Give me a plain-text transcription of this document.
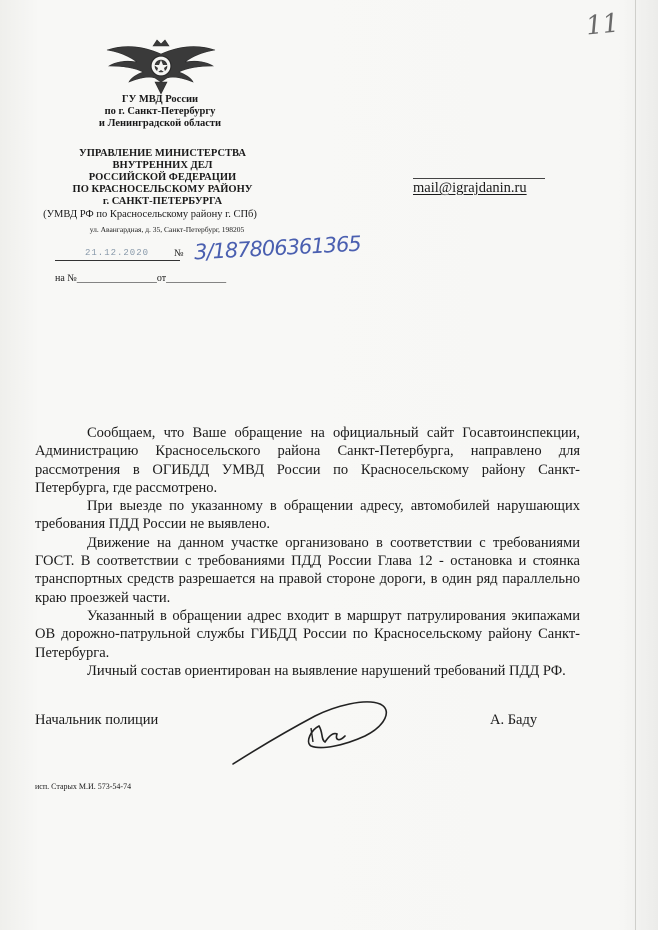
11
ГУ МВД России
по г. Санкт-Петербургу
и Ленинградской области
УПРАВЛЕНИЕ МИНИСТЕРСТВА
ВНУТРЕННИХ ДЕЛ
РОССИЙСКОЙ ФЕДЕРАЦИИ
ПО КРАСНОСЕЛЬСКОМУ РАЙОНУ
г. САНКТ-ПЕТЕРБУРГА
(УМВД РФ по Красносельскому району г. СПб)
ул. Авангардная, д. 35, Санкт-Петербург, 198205
21.12.2020 № 3/187806361365
на №________________от____________
mail@igrajdanin.ru

Сообщаем, что Ваше обращение на официальный сайт Госавтоинспекции, Администрацию Красносельского района Санкт-Петербурга, направлено для рассмотрения в ОГИБДД УМВД России по Красносельскому району Санкт-Петербурга, где рассмотрено.

При выезде по указанному в обращении адресу, автомобилей нарушающих требования ПДД России не выявлено.

Движение на данном участке организовано в соответствии с требованиями ГОСТ. В соответствии с требованиями ПДД России Глава 12 - остановка и стоянка транспортных средств разрешается на правой стороне дороги, в один ряд параллельно краю проезжей части.

Указанный в обращении адрес входит в маршрут патрулирования экипажами ОВ дорожно-патрульной службы ГИБДД России по Красносельскому району Санкт-Петербурга.

Личный состав ориентирован на выявление нарушений требований ПДД РФ.

Начальник полиции	А. Баду
исп. Старых М.И. 573-54-74
